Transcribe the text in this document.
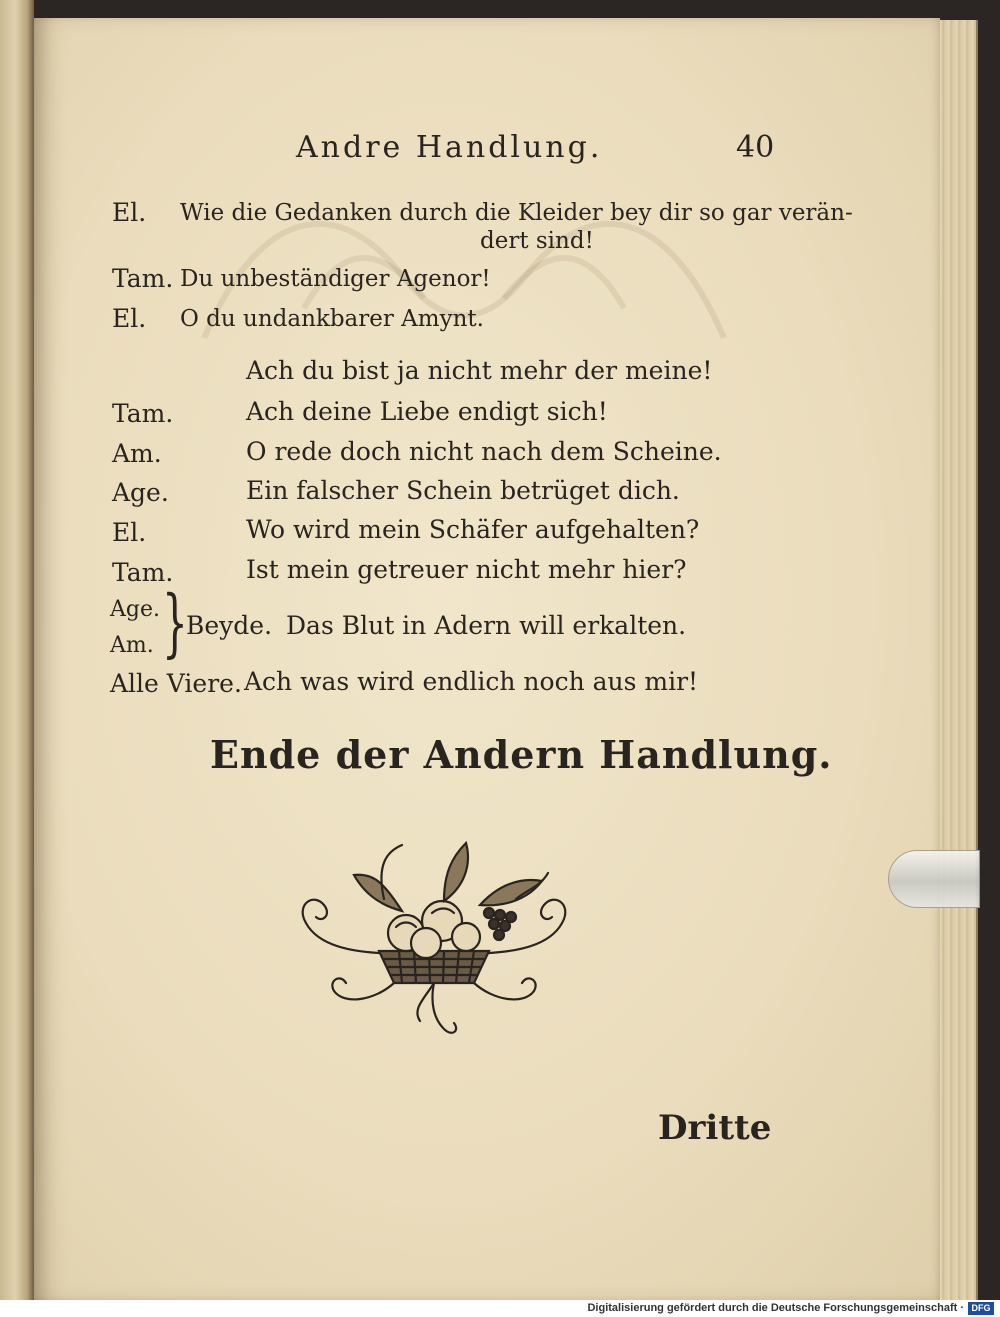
Andre Handlung.	40
El. Wie die Gedanken durch die Kleider bey dir so gar verän-
dert sind!
Tam. Du unbeständiger Agenor!
El. O du undankbarer Amynt.
Ach du bist ja nicht mehr der meine!
Tam.	Ach deine Liebe endigt sich!
Am.	O rede doch nicht nach dem Scheine.
Age.	Ein falscher Schein betrüget dich.
El.	Wo wird mein Schäfer aufgehalten?
Tam.	Ist mein getreuer nicht mehr hier?
Age.
Am. }
Beyde. Das Blut in Adern will erkalten.
Alle Viere. Ach was wird endlich noch aus mir!
Ende der Andern Handlung.
Dritte
Digitalisierung gefördert durch die Deutsche Forschungsgemeinschaft · DFG
